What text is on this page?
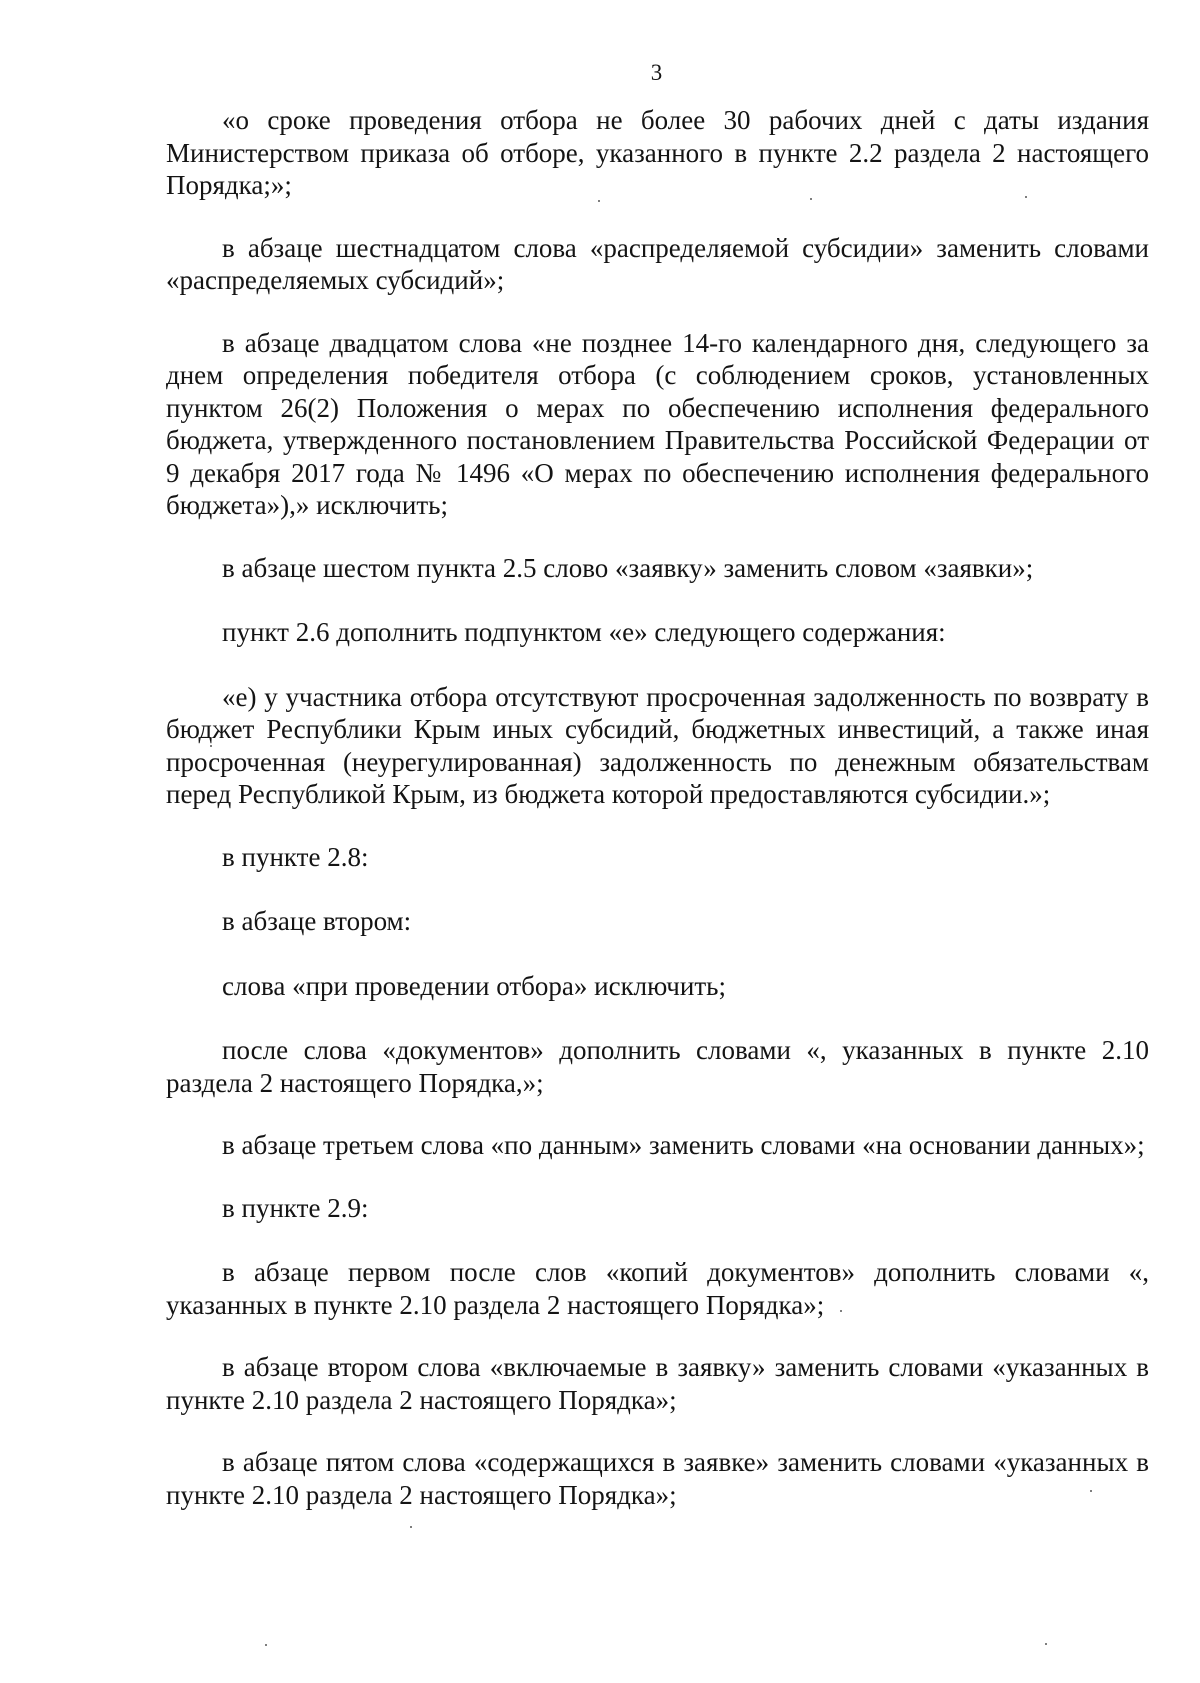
3

«о сроке проведения отбора не более 30 рабочих дней с даты издания Министерством приказа об отборе, указанного в пункте 2.2 раздела 2 настоящего Порядка;»;

в абзаце шестнадцатом слова «распределяемой субсидии» заменить словами «распределяемых субсидий»;

в абзаце двадцатом слова «не позднее 14-го календарного дня, следующего за днем определения победителя отбора (с соблюдением сроков, установленных пунктом 26(2) Положения о мерах по обеспечению исполнения федерального бюджета, утвержденного постановлением Правительства Российской Федерации от 9 декабря 2017 года № 1496 «О мерах по обеспечению исполнения федерального бюджета»),» исключить;

в абзаце шестом пункта 2.5 слово «заявку» заменить словом «заявки»;

пункт 2.6 дополнить подпунктом «е» следующего содержания:

«е) у участника отбора отсутствуют просроченная задолженность по возврату в бюджет Республики Крым иных субсидий, бюджетных инвестиций, а также иная просроченная (неурегулированная) задолженность по денежным обязательствам перед Республикой Крым, из бюджета которой предоставляются субсидии.»;

в пункте 2.8:

в абзаце втором:

слова «при проведении отбора» исключить;

после слова «документов» дополнить словами «, указанных в пункте 2.10 раздела 2 настоящего Порядка,»;

в абзаце третьем слова «по данным» заменить словами «на основании данных»;

в пункте 2.9:

в абзаце первом после слов «копий документов» дополнить словами «, указанных в пункте 2.10 раздела 2 настоящего Порядка»;

в абзаце втором слова «включаемые в заявку» заменить словами «указанных в пункте 2.10 раздела 2 настоящего Порядка»;

в абзаце пятом слова «содержащихся в заявке» заменить словами «указанных в пункте 2.10 раздела 2 настоящего Порядка»;
